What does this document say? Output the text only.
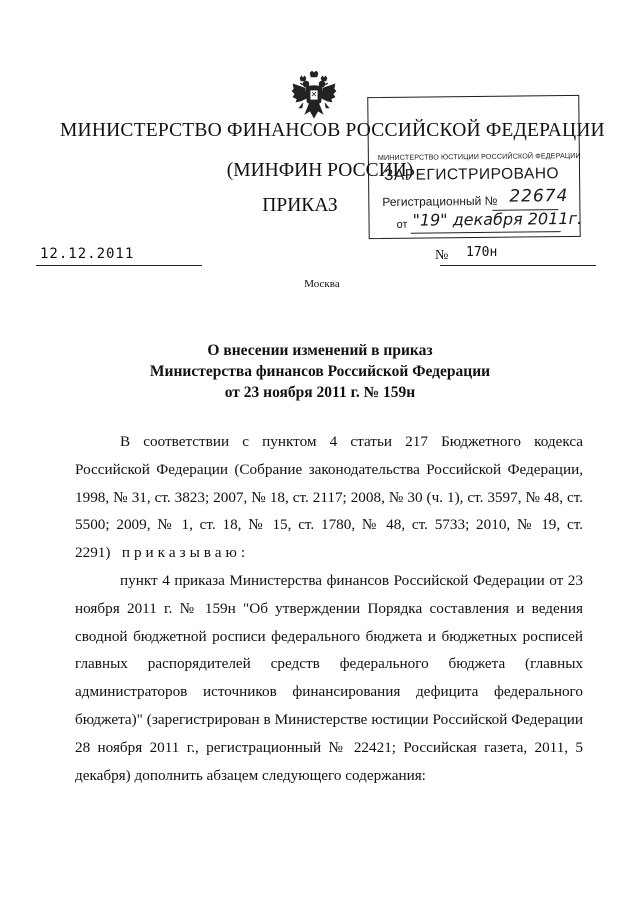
МИНИСТЕРСТВО ФИНАНСОВ РОССИЙСКОЙ ФЕДЕРАЦИИ
(МИНФИН РОССИИ)
ПРИКАЗ
12.12.2011	№ 170н
Москва
МИНИСТЕРСТВО ЮСТИЦИИ РОССИЙСКОЙ ФЕДЕРАЦИИ
ЗАРЕГИСТРИРОВАНО
Регистрационный № 22674
от "19" декабря 2011г.
О внесении изменений в приказ
Министерства финансов Российской Федерации
от 23 ноября 2011 г. № 159н

В соответствии с пунктом 4 статьи 217 Бюджетного кодекса Российской Федерации (Собрание законодательства Российской Федерации, 1998, № 31, ст. 3823; 2007, № 18, ст. 2117; 2008, № 30 (ч. 1), ст. 3597, № 48, ст. 5500; 2009, № 1, ст. 18, № 15, ст. 1780, № 48, ст. 5733; 2010, № 19, ст. 2291) приказываю:

пункт 4 приказа Министерства финансов Российской Федерации от 23 ноября 2011 г. № 159н "Об утверждении Порядка составления и ведения сводной бюджетной росписи федерального бюджета и бюджетных росписей главных распорядителей средств федерального бюджета (главных администраторов источников финансирования дефицита федерального бюджета)" (зарегистрирован в Министерстве юстиции Российской Федерации 28 ноября 2011 г., регистрационный № 22421; Российская газета, 2011, 5 декабря) дополнить абзацем следующего содержания:
